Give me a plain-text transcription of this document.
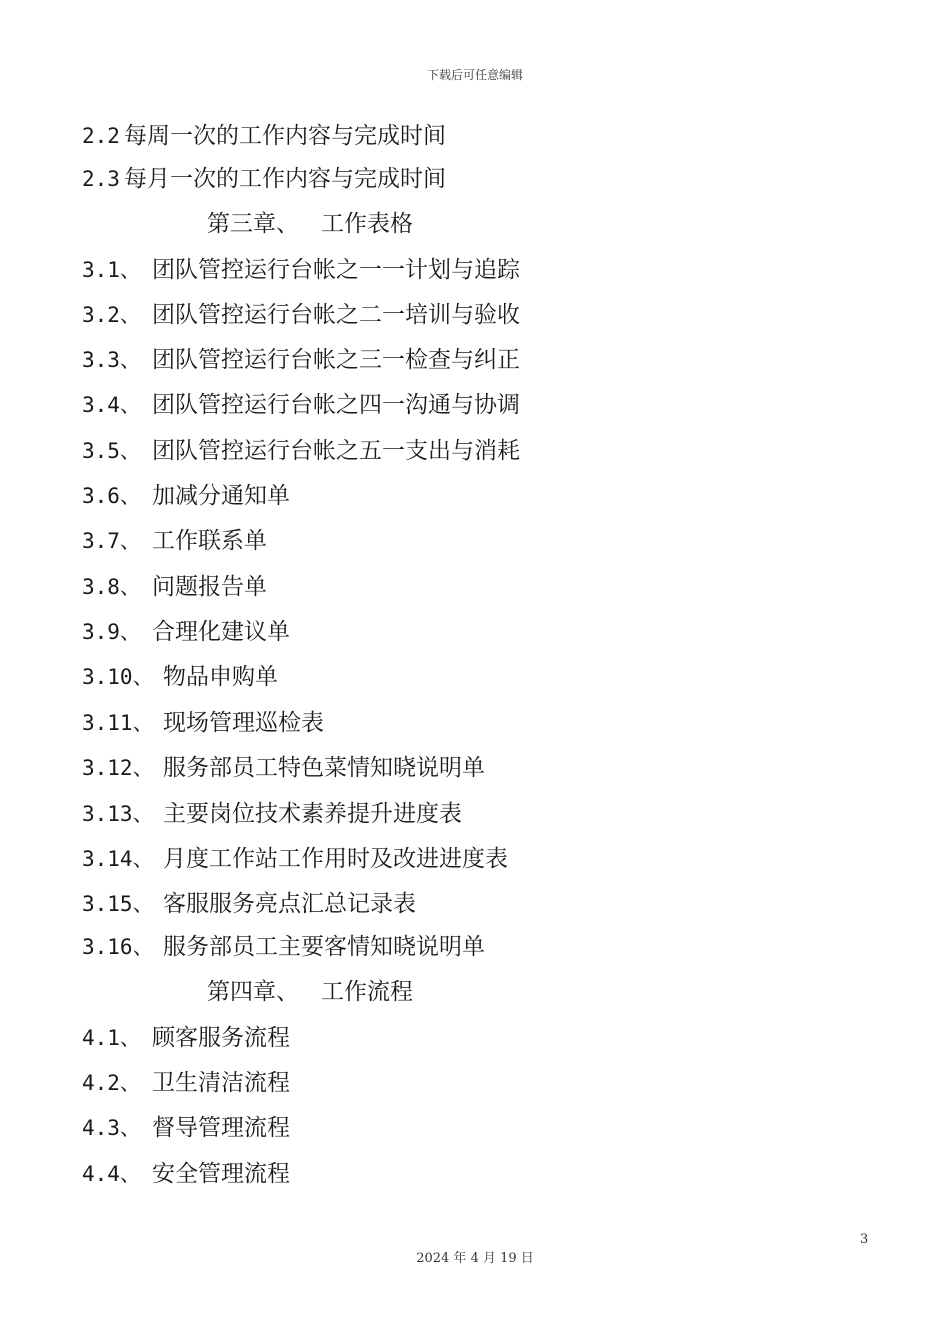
下载后可任意编辑
2.2 每周一次的工作内容与完成时间
2.3 每月一次的工作内容与完成时间
第三章、 工作表格
3.1、 团队管控运行台帐之一一计划与追踪
3.2、 团队管控运行台帐之二一培训与验收
3.3、 团队管控运行台帐之三一检查与纠正
3.4、 团队管控运行台帐之四一沟通与协调
3.5、 团队管控运行台帐之五一支出与消耗
3.6、 加减分通知单
3.7、 工作联系单
3.8、 问题报告单
3.9、 合理化建议单
3.10、 物品申购单
3.11、 现场管理巡检表
3.12、 服务部员工特色菜情知晓说明单
3.13、 主要岗位技术素养提升进度表
3.14、 月度工作站工作用时及改进进度表
3.15、 客服服务亮点汇总记录表
3.16、 服务部员工主要客情知晓说明单
第四章、 工作流程
4.1、 顾客服务流程
4.2、 卫生清洁流程
4.3、 督导管理流程
4.4、 安全管理流程
3
2024 年 4 月 19 日
